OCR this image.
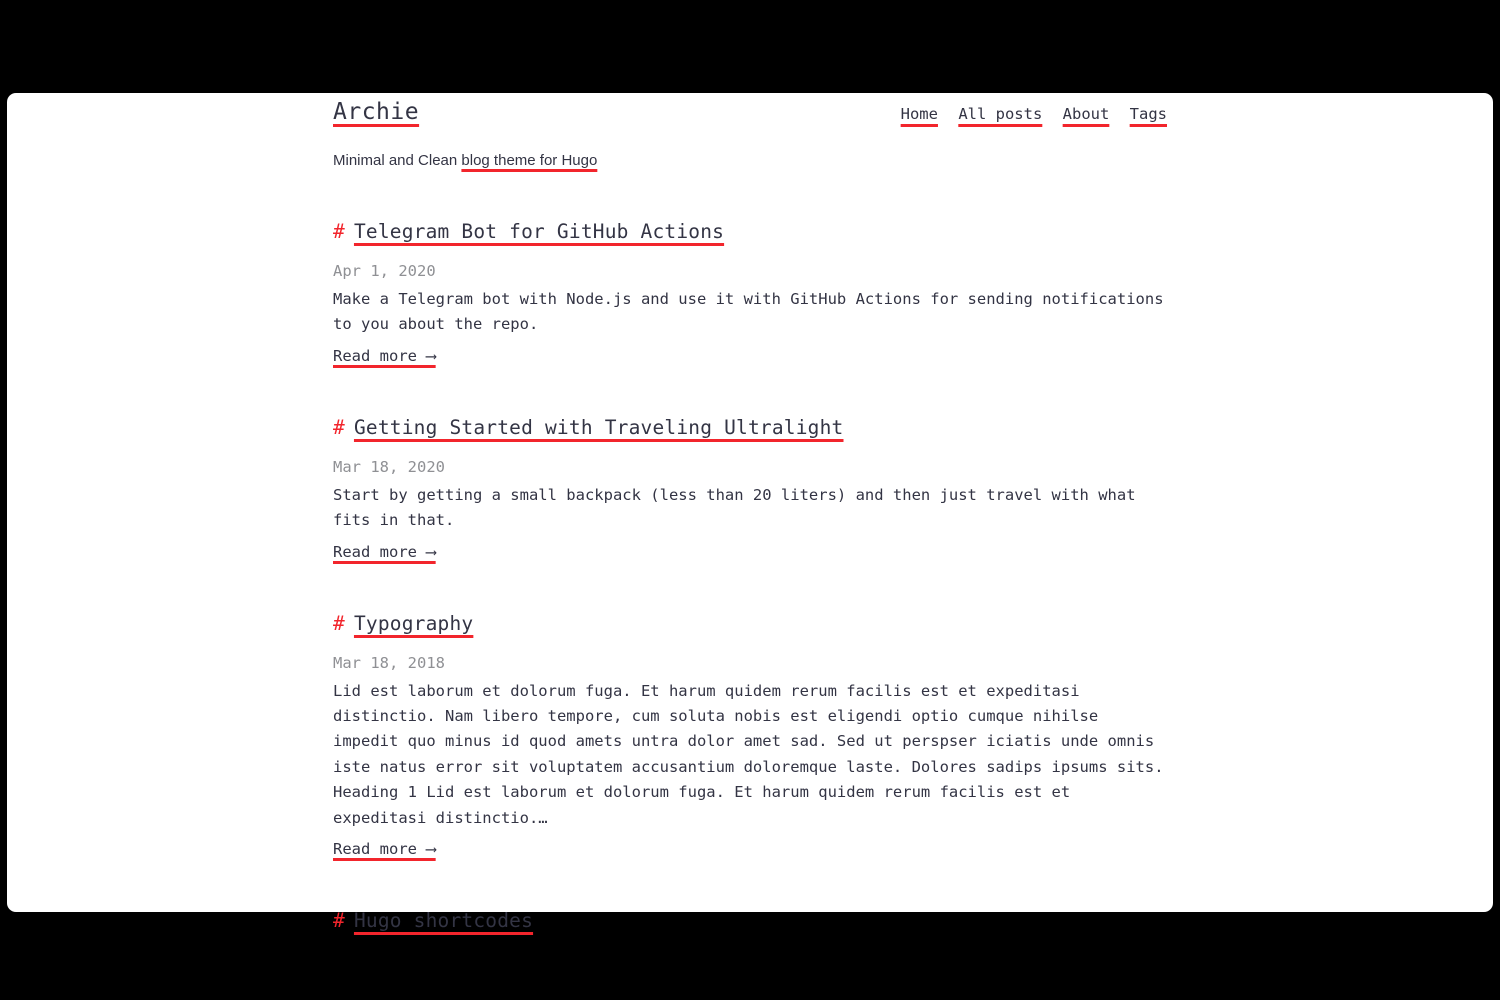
Archie	Home All posts About Tags
Minimal and Clean blog theme for Hugo
# Telegram Bot for GitHub Actions
Apr 1, 2020
Make a Telegram bot with Node.js and use it with GitHub Actions for sending notifications to you about the repo.
Read more ⟶
# Getting Started with Traveling Ultralight
Mar 18, 2020
Start by getting a small backpack (less than 20 liters) and then just travel with what fits in that.
Read more ⟶
# Typography
Mar 18, 2018
Lid est laborum et dolorum fuga. Et harum quidem rerum facilis est et expeditasi distinctio. Nam libero tempore, cum soluta nobis est eligendi optio cumque nihilse impedit quo minus id quod amets untra dolor amet sad. Sed ut perspser iciatis unde omnis iste natus error sit voluptatem accusantium doloremque laste. Dolores sadips ipsums sits. Heading 1 Lid est laborum et dolorum fuga. Et harum quidem rerum facilis est et expeditasi distinctio.…
Read more ⟶
# Hugo shortcodes
